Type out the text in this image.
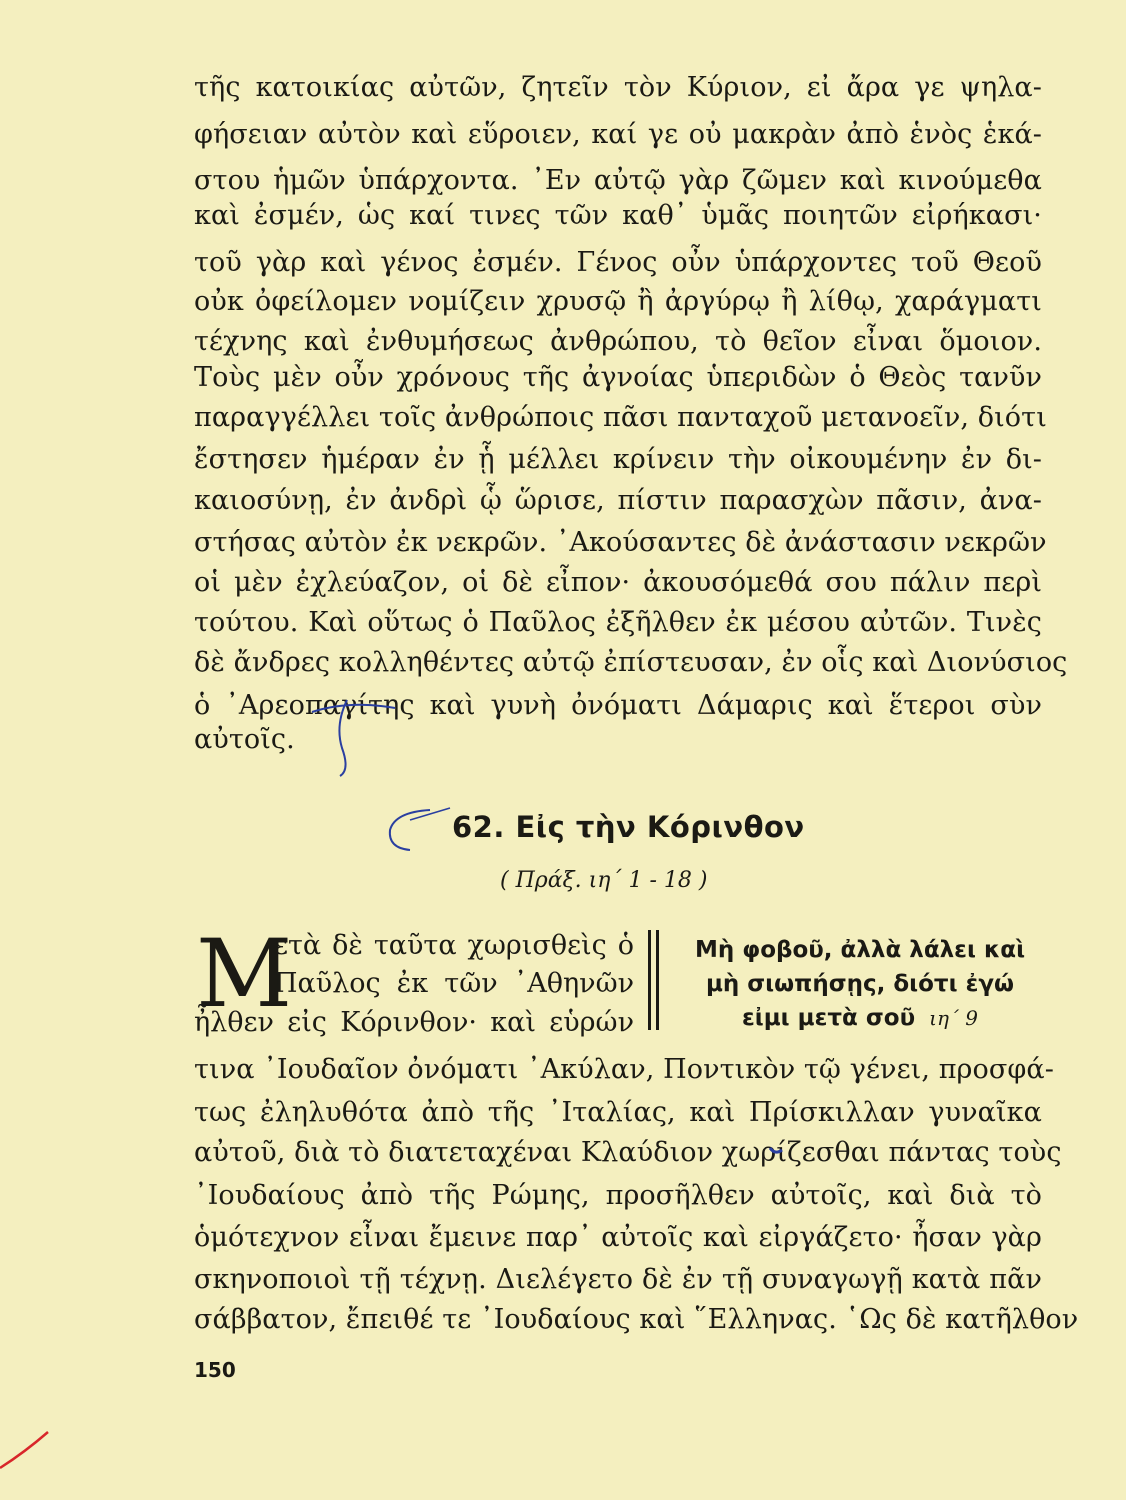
τῆς κατοικίας αὐτῶν, ζητεῖν τὸν Κύριον, εἰ ἄρα γε ψηλα-
φήσειαν αὐτὸν καὶ εὕροιεν, καί γε οὐ μακρὰν ἀπὸ ἑνὸς ἑκά-
στου ἡμῶν ὑπάρχοντα. ᾿Εν αὐτῷ γὰρ ζῶμεν καὶ κινούμεθα
καὶ ἐσμέν, ὡς καί τινες τῶν καθ᾿ ὑμᾶς ποιητῶν εἰρήκασι·
τοῦ γὰρ καὶ γένος ἐσμέν. Γένος οὖν ὑπάρχοντες τοῦ Θεοῦ
οὐκ ὀφείλομεν νομίζειν χρυσῷ ἢ ἀργύρῳ ἢ λίθῳ, χαράγματι
τέχνης καὶ ἐνθυμήσεως ἀνθρώπου, τὸ θεῖον εἶναι ὅμοιον.
Τοὺς μὲν οὖν χρόνους τῆς ἀγνοίας ὑπεριδὼν ὁ Θεὸς τανῦν
παραγγέλλει τοῖς ἀνθρώποις πᾶσι πανταχοῦ μετανοεῖν, διότι
ἔστησεν ἡμέραν ἐν ᾗ μέλλει κρίνειν τὴν οἰκουμένην ἐν δι-
καιοσύνῃ, ἐν ἀνδρὶ ᾧ ὥρισε, πίστιν παρασχὼν πᾶσιν, ἀνα-
στήσας αὐτὸν ἐκ νεκρῶν. ᾿Ακούσαντες δὲ ἀνάστασιν νεκρῶν
οἱ μὲν ἐχλεύαζον, οἱ δὲ εἶπον· ἀκουσόμεθά σου πάλιν περὶ
τούτου. Καὶ οὕτως ὁ Παῦλος ἐξῆλθεν ἐκ μέσου αὐτῶν. Τινὲς
δὲ ἄνδρες κολληθέντες αὐτῷ ἐπίστευσαν, ἐν οἷς καὶ Διονύσιος
ὁ ᾿Αρεοπαγίτης καὶ γυνὴ ὀνόματι Δάμαρις καὶ ἕτεροι σὺν
αὐτοῖς.
62. Εἰς τὴν Κόρινθον
( Πράξ. ιη΄ 1 - 18 )
Μ
ετὰ δὲ ταῦτα χωρισθεὶς ὁ
Παῦλος ἐκ τῶν ᾿Αθηνῶν
ἦλθεν εἰς Κόρινθον· καὶ εὑρών
Μὴ φοβοῦ, ἀλλὰ λάλει καὶ
μὴ σιωπήσῃς, διότι ἐγώ
εἰμι μετὰ σοῦ ιη΄ 9
τινα ᾿Ιουδαῖον ὀνόματι ᾿Ακύλαν, Ποντικὸν τῷ γένει, προσφά-
τως ἐληλυθότα ἀπὸ τῆς ᾿Ιταλίας, καὶ Πρίσκιλλαν γυναῖκα
αὐτοῦ, διὰ τὸ διατεταχέναι Κλαύδιον χωρίζεσθαι πάντας τοὺς
᾿Ιουδαίους ἀπὸ τῆς Ρώμης, προσῆλθεν αὐτοῖς, καὶ διὰ τὸ
ὁμότεχνον εἶναι ἔμεινε παρ᾿ αὐτοῖς καὶ εἰργάζετο· ἦσαν γὰρ
σκηνοποιοὶ τῇ τέχνῃ. Διελέγετο δὲ ἐν τῇ συναγωγῇ κατὰ πᾶν
σάββατον, ἔπειθέ τε ᾿Ιουδαίους καὶ ῞Ελληνας. ῾Ως δὲ κατῆλθον
150
